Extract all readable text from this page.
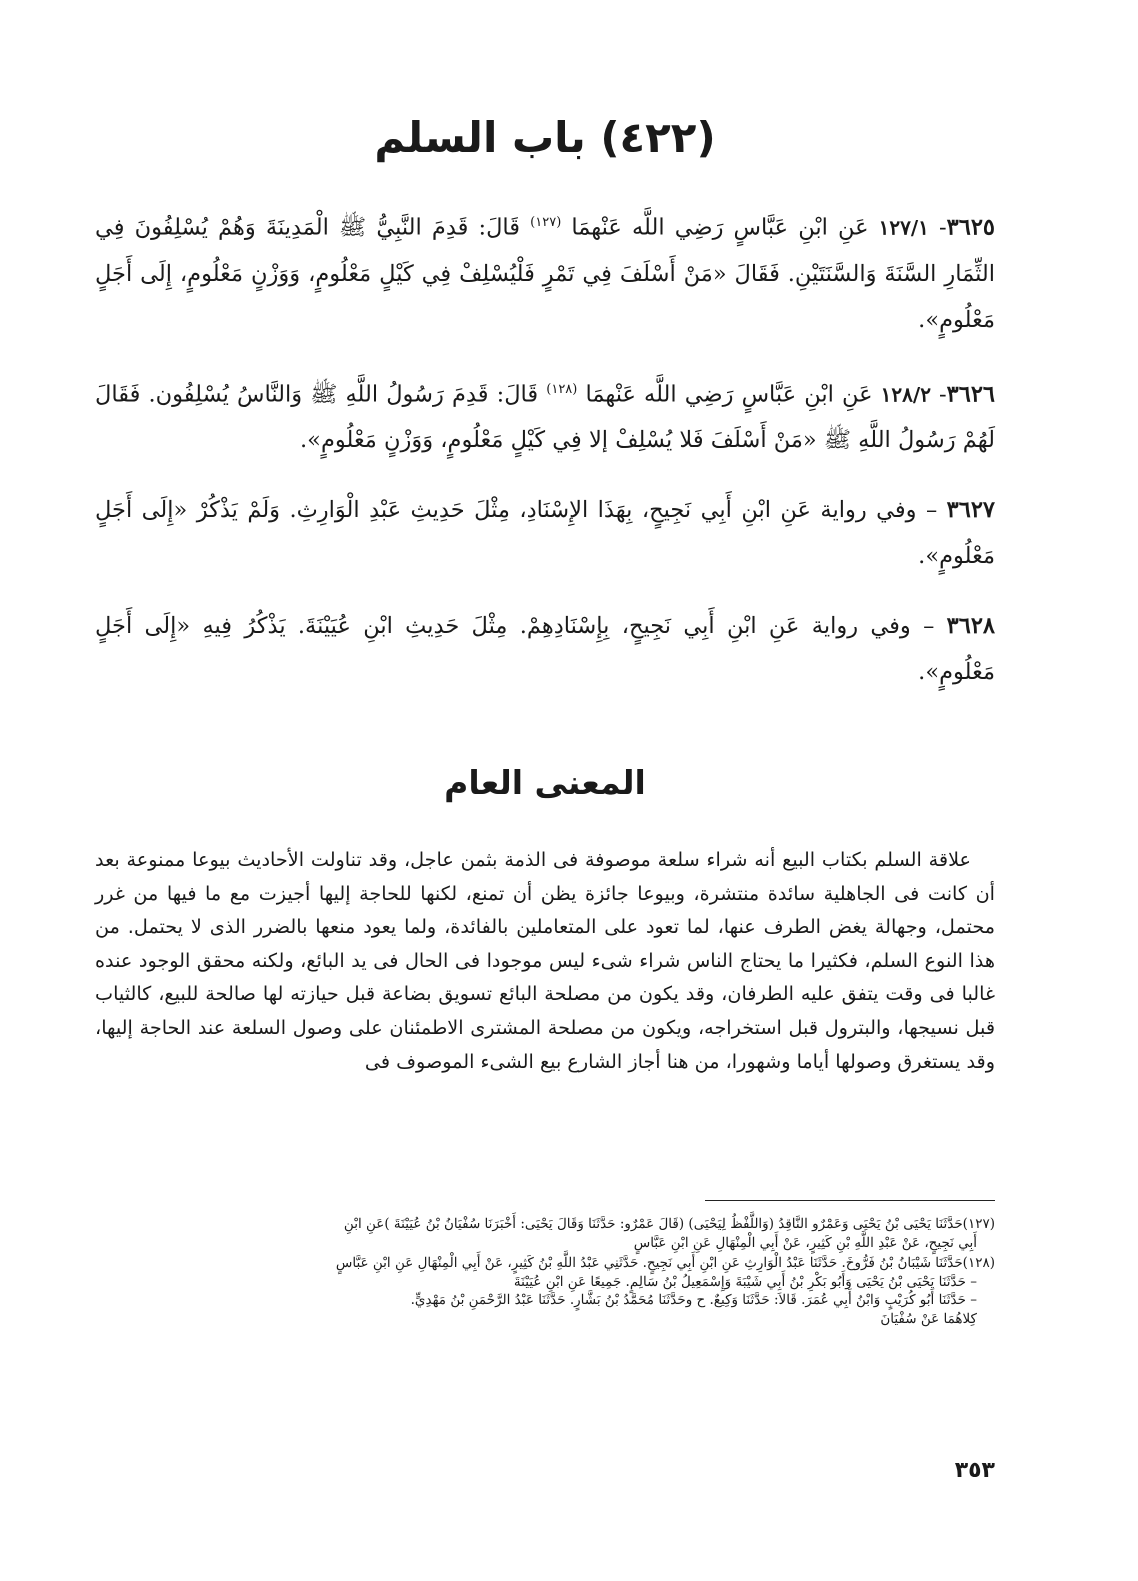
(٤٢٢) باب السلم

٣٦٢٥- ١٢٧/١ عَنِ ابْنِ عَبَّاسٍ رَضِي اللَّه عَنْهمَا $^{(١٢٧)}$ قَالَ: قَدِمَ النَّبِيُّ ﷺ الْمَدِينَةَ وَهُمْ يُسْلِفُونَ فِي الثِّمَارِ السَّنَةَ وَالسَّنَتَيْنِ. فَقَالَ «مَنْ أَسْلَفَ فِي تَمْرٍ فَلْيُسْلِفْ فِي كَيْلٍ مَعْلُومٍ، وَوَزْنٍ مَعْلُومٍ، إِلَى أَجَلٍ مَعْلُومٍ».

٣٦٢٦- ١٢٨/٢ عَنِ ابْنِ عَبَّاسٍ رَضِي اللَّه عَنْهمَا $^{(١٢٨)}$ قَالَ: قَدِمَ رَسُولُ اللَّهِ ﷺ وَالنَّاسُ يُسْلِفُون. فَقَالَ لَهُمْ رَسُولُ اللَّهِ ﷺ «مَنْ أَسْلَفَ فَلا يُسْلِفْ إلا فِي كَيْلٍ مَعْلُومٍ، وَوَزْنٍ مَعْلُومٍ».

٣٦٢٧ – وفي رواية عَنِ ابْنِ أَبِي نَجِيحٍ، بِهَذَا الإِسْنَادِ، مِثْلَ حَدِيثِ عَبْدِ الْوَارِثِ. وَلَمْ يَذْكُرْ «إِلَى أَجَلٍ مَعْلُومٍ».

٣٦٢٨ – وفي رواية عَنِ ابْنِ أَبِي نَجِيحٍ، بِإِسْنَادِهِمْ. مِثْلَ حَدِيثِ ابْنِ عُيَيْنَةَ. يَذْكُرُ فِيهِ «إِلَى أَجَلٍ مَعْلُومٍ».

المعنى العام

علاقة السلم بكتاب البيع أنه شراء سلعة موصوفة فى الذمة بثمن عاجل، وقد تناولت الأحاديث بيوعا ممنوعة بعد أن كانت فى الجاهلية سائدة منتشرة، وبيوعا جائزة يظن أن تمنع، لكنها للحاجة إليها أجيزت مع ما فيها من غرر محتمل، وجهالة يغض الطرف عنها، لما تعود على المتعاملين بالفائدة، ولما يعود منعها بالضرر الذى لا يحتمل. من هذا النوع السلم، فكثيرا ما يحتاج الناس شراء شىء ليس موجودا فى الحال فى يد البائع، ولكنه محقق الوجود عنده غالبا فى وقت يتفق عليه الطرفان، وقد يكون من مصلحة البائع تسويق بضاعة قبل حيازته لها صالحة للبيع، كالثياب قبل نسيجها، والبترول قبل استخراجه، ويكون من مصلحة المشترى الاطمئنان على وصول السلعة عند الحاجة إليها، وقد يستغرق وصولها أياما وشهورا، من هنا أجاز الشارع بيع الشىء الموصوف فى

(١٢٧)حَدَّثَنَا يَحْيَى بْنُ يَحْيَى وَعَمْرٌو النَّاقِدُ (وَاللَّفْظُ لِيَحْيَى) (قَالَ عَمْرٌو: حَدَّثَنَا وَقَالَ يَحْيَى: أَخْبَرَنَا سُفْيَانُ بْنُ عُيَيْنَةَ )عَنِ ابْنِ

أَبِي نَجِيحٍ، عَنْ عَبْدِ اللَّهِ بْنِ كَثِيرٍ، عَنْ أَبِي الْمِنْهَالِ عَنِ ابْنِ عَبَّاسٍ

(١٢٨)حَدَّثَنَا شَيْبَانُ بْنُ فَرُّوخَ. حَدَّثَنَا عَبْدُ الْوَارِثِ عَنِ ابْنِ أَبِي نَجِيحٍ. حَدَّثَنِي عَبْدُ اللَّهِ بْنُ كَثِيرٍ، عَنْ أَبِي الْمِنْهَالِ عَنِ ابْنِ عَبَّاسٍ

– حَدَّثَنَا يَحْيَى بْنُ يَحْيَى وَأَبُو بَكْرِ بْنُ أَبِي شَيْبَةَ وَإِسْمَعِيلُ بْنُ سَالِمٍ. جَمِيعًا عَنِ ابْنِ عُيَيْنَةَ

– حَدَّثَنَا أَبُو كُرَيْبٍ وَابْنُ أَبِي عُمَرَ. قَالاَ: حَدَّثَنَا وَكِيعٌ. ح وحَدَّثَنَا مُحَمَّدُ بْنُ بَشَّارٍ. حَدَّثَنَا عَبْدُ الرَّحْمَنِ بْنُ مَهْدِيٍّ.

كِلاهُمَا عَنْ سُفْيَانَ

٣٥٣
